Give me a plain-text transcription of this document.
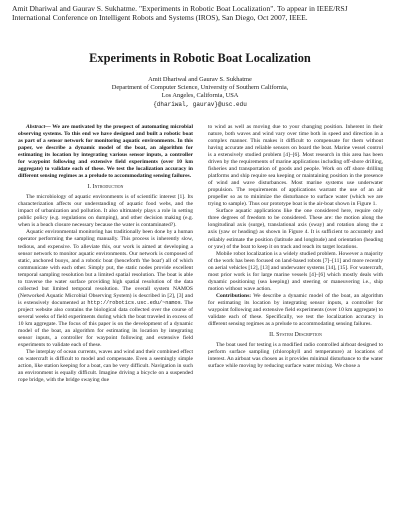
Amit Dhariwal and Gaurav S. Sukhatme. "Experiments in Robotic Boat Localization". To appear in IEEE/RSJ International Conference on Intelligent Robots and Systems (IROS), San Diego, Oct 2007, IEEE.
Experiments in Robotic Boat Localization
Amit Dhariwal and Gaurav S. Sukhatme
Department of Computer Science, University of Southern California,
Los Angeles, California, USA
{dhariwal, gaurav}@usc.edu

Abstract— We are motivated by the prospect of automating microbial observing systems. To this end we have designed and built a robotic boat as part of a sensor network for monitoring aquatic environments. In this paper, we describe a dynamic model of the boat, an algorithm for estimating its location by integrating various sensor inputs, a controller for waypoint following and extensive field experiments (over 10 km aggregate) to validate each of these. We test the localization accuracy in different sensing regimes as a prelude to accommodating sensing failures.

I. Introduction

The microbiology of aquatic environments is of scientific interest [1]. Its characterization affects our understanding of aquatic food webs, and the impact of urbanization and pollution. It also ultimately plays a role in setting public policy (e.g. regulations on dumping), and other decision making (e.g. when is a beach closure necessary because the water is contaminated?).

Aquatic environmental monitoring has traditionally been done by a human operator performing the sampling manually. This process is inherently slow, tedious, and expensive. To alleviate this, our work is aimed at developing a sensor network to monitor aquatic environments. Our network is composed of static, anchored buoys, and a robotic boat (henceforth 'the boat') all of which communicate with each other. Simply put, the static nodes provide excellent temporal sampling resolution but a limited spatial resolution. The boat is able to traverse the water surface providing high spatial resolution of the data collected but limited temporal resolution. The overall system NAMOS (Networked Aquatic Microbial Observing System) is described in [2], [3] and is extensively documented at http://robotics.usc.edu/~namos. The project website also contains the biological data collected over the course of several weeks of field experiments during which the boat traveled in excess of 10 km aggregate. The focus of this paper is on the development of a dynamic model of the boat, an algorithm for estimating its location by integrating sensor inputs, a controller for waypoint following and extensive field experiments to validate each of these.

The interplay of ocean currents, waves and wind and their combined effect on watercraft is difficult to model and compensate. Even a seemingly simple action, like station keeping for a boat, can be very difficult. Navigation in such an environment is equally difficult. Imagine driving a bicycle on a suspended rope bridge, with the bridge swaying due

to wind as well as moving due to your changing position. Inherent in their nature, both waves and wind vary over time both in speed and direction in a complex manner. This makes it difficult to compensate for them without having accurate and reliable sensors on board the boat. Marine vessel control is a extensively studied problem [4]–[6]. Most research in this area has been driven by the requirements of marine applications including off-shore drilling, fisheries and transportation of goods and people. Work on off shore drilling platforms and ship require sea keeping or maintaining position in the presence of wind and wave disturbances. Most marine systems use underwater propulsion. The requirements of applications warrant the use of an air propeller so as to minimize the disturbance to surface water (which we are trying to sample). Thus our prototype boat is the air-boat shown in Figure 1.

Surface aquatic applications like the one considered here, require only three degrees of freedom to be considered. These are: the motion along the longitudinal axis (surge), translational axis (sway) and rotation along the z axis (yaw or heading) as shown in Figure 4. It is sufficient to accurately and reliably estimate the position (latitude and longitude) and orientation (heading or yaw) of the boat to keep it on track and reach its target locations.

Mobile robot localization is a widely studied problem. However a majority of the work has been focused on land-based robots [7]–[11] and more recently on aerial vehicles [12], [13] and underwater systems [14], [15]. For watercraft, most prior work is for large marine vessels [4]–[6] which mostly deals with dynamic positioning (sea keeping) and steering or maneuvering i.e., ship motion without wave action.

Contributions: We describe a dynamic model of the boat, an algorithm for estimating its location by integrating sensor inputs, a controller for waypoint following and extensive field experiments (over 10 km aggregate) to validate each of these. Specifically, we test the localization accuracy in different sensing regimes as a prelude to accommodating sensing failures.

II. System Description

The boat used for testing is a modified radio controlled airboat designed to perform surface sampling (chlorophyll and temperature) at locations of interest. An airboat was chosen as it provides minimal disturbance to the water surface while moving by reducing surface water mixing. We chose a
